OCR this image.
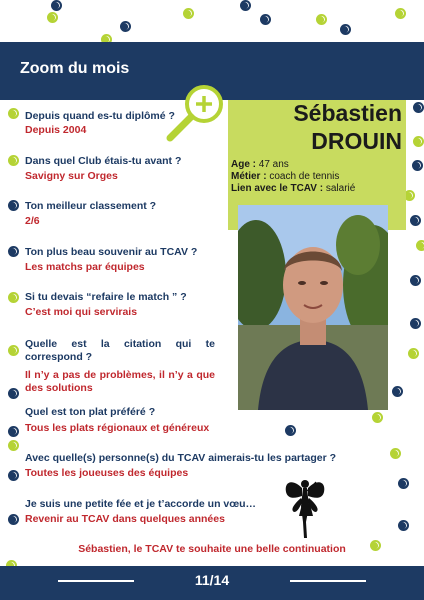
Zoom du mois
Sébastien
DROUIN
Age : 47 ans
Métier : coach de tennis
Lien avec le TCAV : salarié
Depuis quand es-tu diplômé ?
Depuis 2004
Dans quel Club étais-tu avant ?
Savigny sur Orges
Ton meilleur classement ?
2/6
Ton plus beau souvenir au TCAV ?
Les matchs par équipes
Si tu devais “refaire le match ” ?
C’est moi qui servirais
Quelle est la citation qui te correspond ?
Il n’y a pas de problèmes, il n’y a que des solutions
Quel est ton plat préféré ?
Tous les plats régionaux et généreux
Avec quelle(s) personne(s) du TCAV aimerais-tu les partager ?
Toutes les joueuses des équipes
Je suis une petite fée et je t’accorde un vœu…
Revenir au TCAV dans quelques années
Sébastien, le TCAV te souhaite une belle continuation
11/14
